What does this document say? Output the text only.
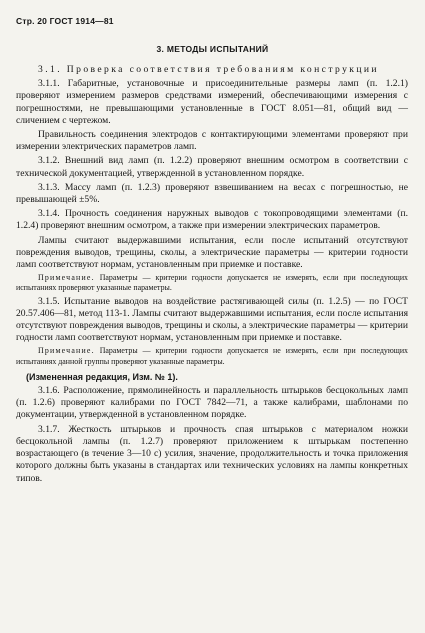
Стр. 20 ГОСТ 1914—81
3. МЕТОДЫ ИСПЫТАНИЙ

3.1. Проверка соответствия требованиям конструкции

3.1.1. Габаритные, установочные и присоединительные размеры ламп (п. 1.2.1) проверяют измерением размеров средствами измерений, обеспечивающими измерения с погрешностями, не превышающими установленные в ГОСТ 8.051—81, общий вид — сличением с чертежом.

Правильность соединения электродов с контактирующими элементами проверяют при измерении электрических параметров ламп.

3.1.2. Внешний вид ламп (п. 1.2.2) проверяют внешним осмотром в соответствии с технической документацией, утвержденной в установленном порядке.

3.1.3. Массу ламп (п. 1.2.3) проверяют взвешиванием на весах с погрешностью, не превышающей ±5%.

3.1.4. Прочность соединения наружных выводов с токопроводящими элементами (п. 1.2.4) проверяют внешним осмотром, а также при измерении электрических параметров.

Лампы считают выдержавшими испытания, если после испытаний отсутствуют повреждения выводов, трещины, сколы, а электрические параметры — критерии годности ламп соответствуют нормам, установленным при приемке и поставке.

Примечание. Параметры — критерии годности допускается не измерять, если при последующих испытаниях проверяют указанные параметры.

3.1.5. Испытание выводов на воздействие растягивающей силы (п. 1.2.5) — по ГОСТ 20.57.406—81, метод 113-1. Лампы считают выдержавшими испытания, если после испытания отсутствуют повреждения выводов, трещины и сколы, а электрические параметры — критерии годности ламп соответствуют нормам, установленным при приемке и поставке.

Примечание. Параметры — критерии годности допускается не измерять, если при последующих испытаниях данной группы проверяют указанные параметры.

(Измененная редакция, Изм. № 1).

3.1.6. Расположение, прямолинейность и параллельность штырьков бесцокольных ламп (п. 1.2.6) проверяют калибрами по ГОСТ 7842—71, а также калибрами, шаблонами по документации, утвержденной в установленном порядке.

3.1.7. Жесткость штырьков и прочность спая штырьков с материалом ножки бесцокольной лампы (п. 1.2.7) проверяют приложением к штырькам постепенно возрастающего (в течение 3—10 с) усилия, значение, продолжительность и точка приложения которого должны быть указаны в стандартах или технических условиях на лампы конкретных типов.
